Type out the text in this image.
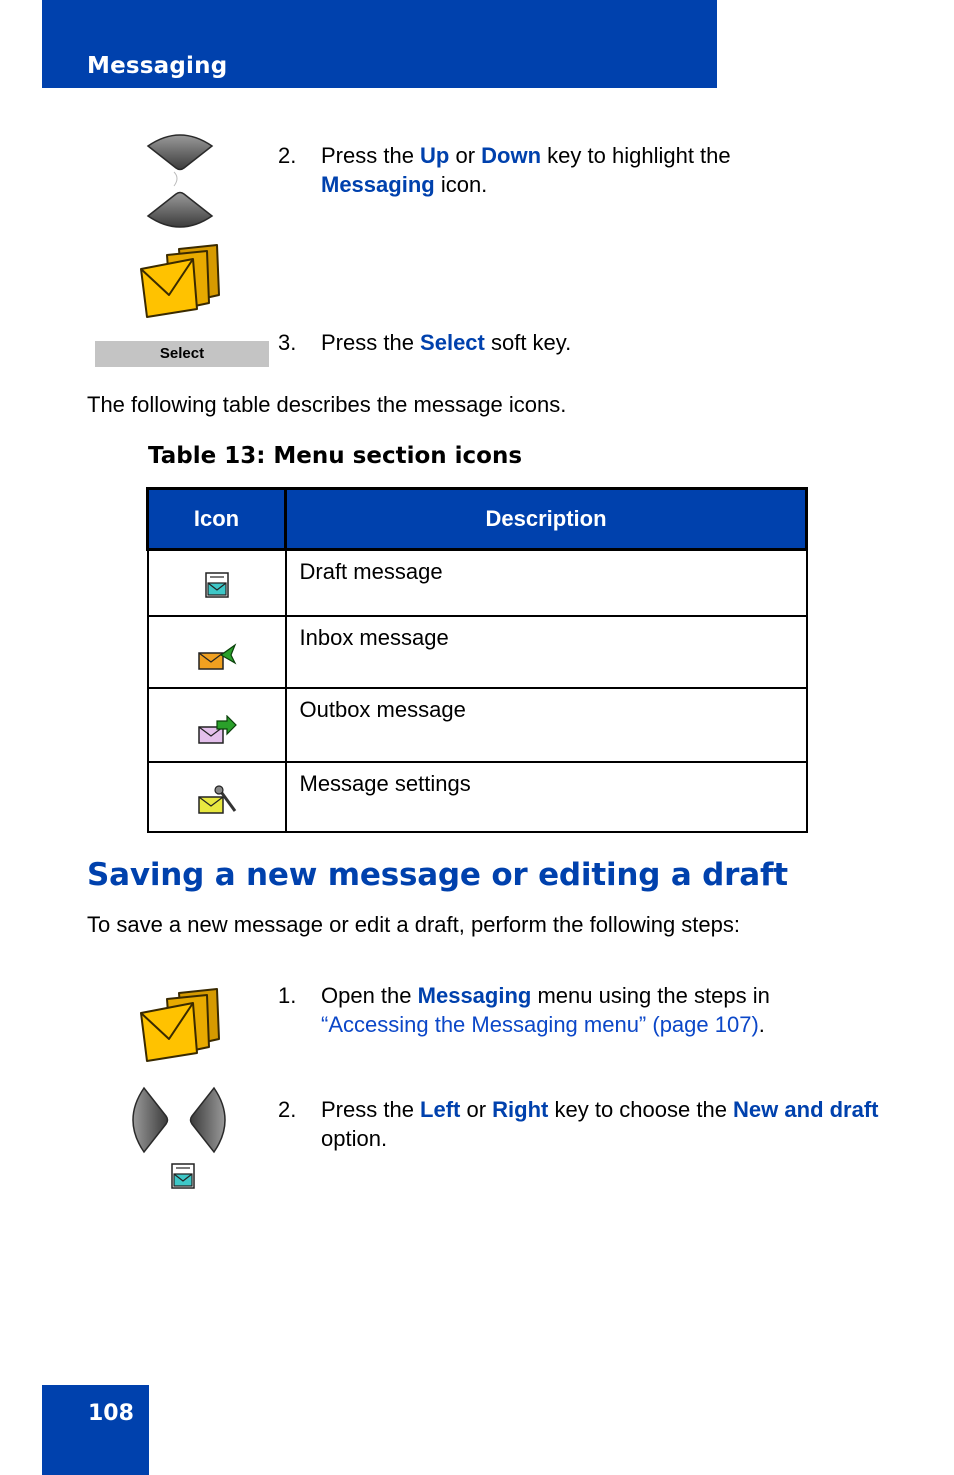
Messaging
2. Press the Up or Down key to highlight the
Messaging icon.
Select	3. Press the Select soft key.
The following table describes the message icons.
Table 13: Menu section icons
Icon	Description
	Draft message
	Inbox message
	Outbox message
	Message settings
Saving a new message or editing a draft
To save a new message or edit a draft, perform the following steps:
1. Open the Messaging menu using the steps in
“Accessing the Messaging menu” (page 107).
2. Press the Left or Right key to choose the New and draft option.
108
